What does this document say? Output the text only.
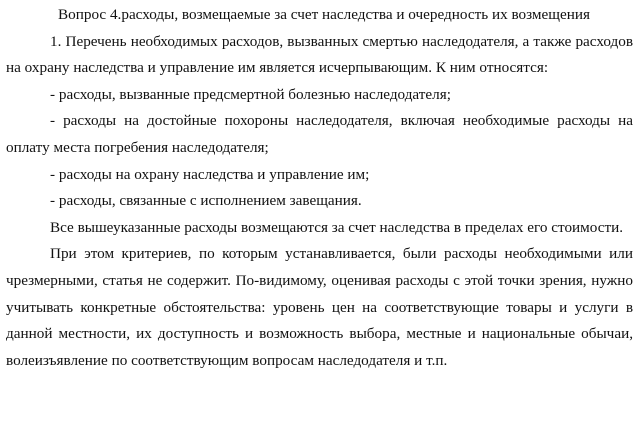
Вопрос 4.расходы, возмещаемые за счет наследства и очередность их возмещения

1. Перечень необходимых расходов, вызванных смертью наследодателя, а также расходов на охрану наследства и управление им является исчерпывающим. К ним относятся:

- расходы, вызванные предсмертной болезнью наследодателя;

- расходы на достойные похороны наследодателя, включая необходимые расходы на оплату места погребения наследодателя;

- расходы на охрану наследства и управление им;

- расходы, связанные с исполнением завещания.

Все вышеуказанные расходы возмещаются за счет наследства в пределах его стоимости.

При этом критериев, по которым устанавливается, были расходы необходимыми или чрезмерными, статья не содержит. По-видимому, оценивая расходы с этой точки зрения, нужно учитывать конкретные обстоятельства: уровень цен на соответствующие товары и услуги в данной местности, их доступность и возможность выбора, местные и национальные обычаи, волеизъявление по соответствующим вопросам наследодателя и т.п.
